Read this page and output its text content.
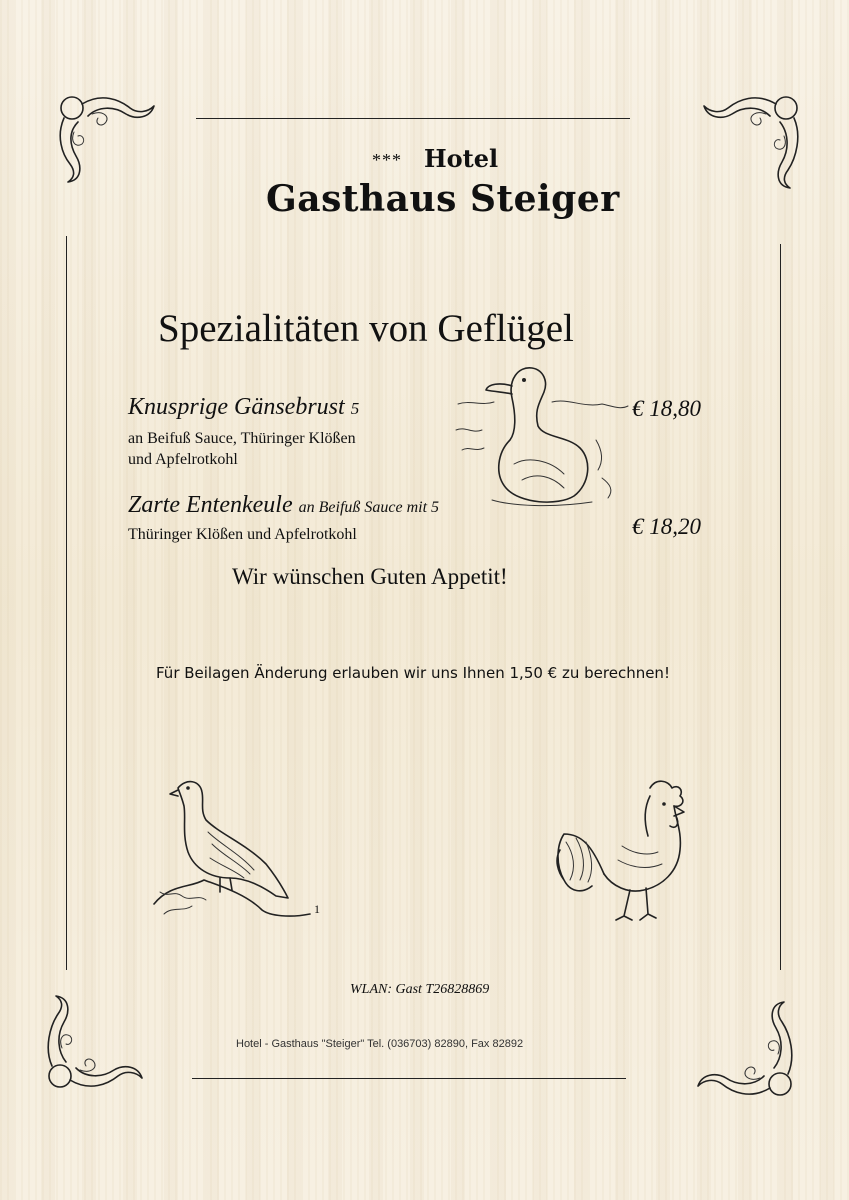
*** Hotel
Gasthaus Steiger
Spezialitäten von Geflügel
Knusprige Gänsebrust 5
an Beifuß Sauce, Thüringer Klößen
und Apfelrotkohl
€ 18,80
Zarte Entenkeule an Beifuß Sauce mit 5
Thüringer Klößen und Apfelrotkohl	€ 18,20
Wir wünschen Guten Appetit!
Für Beilagen Änderung erlauben wir uns Ihnen 1,50 € zu berechnen!
1
WLAN: Gast T26828869
Hotel - Gasthaus "Steiger" Tel. (036703) 82890, Fax 82892
